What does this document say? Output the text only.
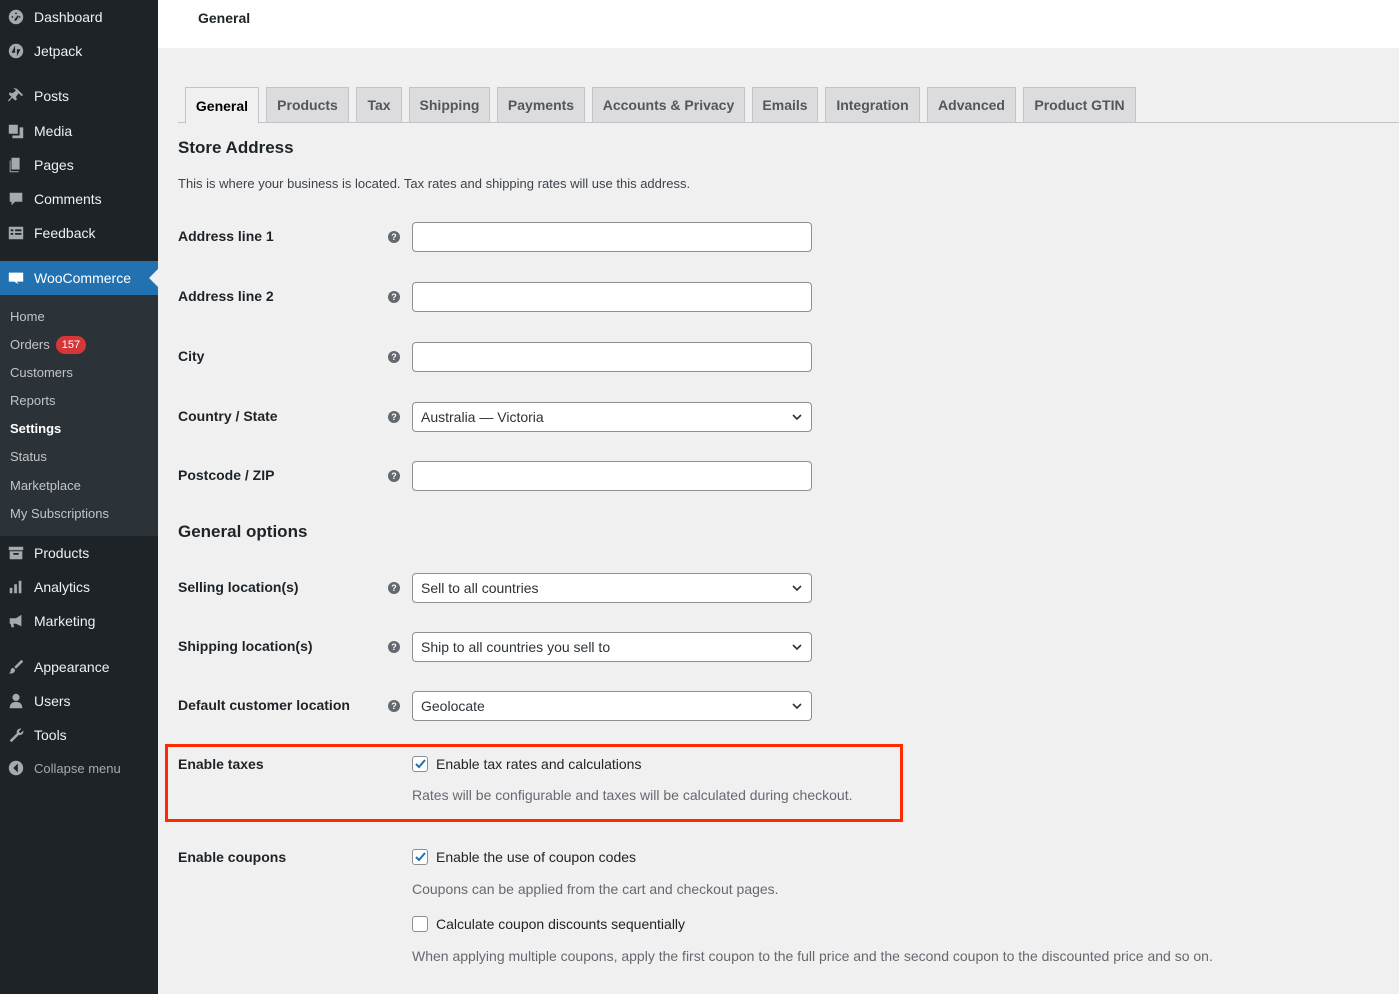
Dashboard
Jetpack
Posts
Media
Pages
Comments
Feedback
WooCommerce
Home
Orders	157
Customers
Reports
Settings
Status
Marketplace
My Subscriptions
Products
Analytics
Marketing
Appearance
Users
Tools
Collapse menu
General
General	Products	Tax	Shipping	Payments	Accounts & Privacy	Emails	Integration	Advanced	Product GTIN
Store Address
This is where your business is located. Tax rates and shipping rates will use this address.
Address line 1	?
Address line 2	?
City	?
Country / State	? Australia — Victoria
Postcode / ZIP	?
General options
Selling location(s)	? Sell to all countries
Shipping location(s)	? Ship to all countries you sell to
Default customer location	? Geolocate
Enable taxes	Enable tax rates and calculations
Rates will be configurable and taxes will be calculated during checkout.
Enable coupons	Enable the use of coupon codes
Coupons can be applied from the cart and checkout pages.
Calculate coupon discounts sequentially
When applying multiple coupons, apply the first coupon to the full price and the second coupon to the discounted price and so on.
